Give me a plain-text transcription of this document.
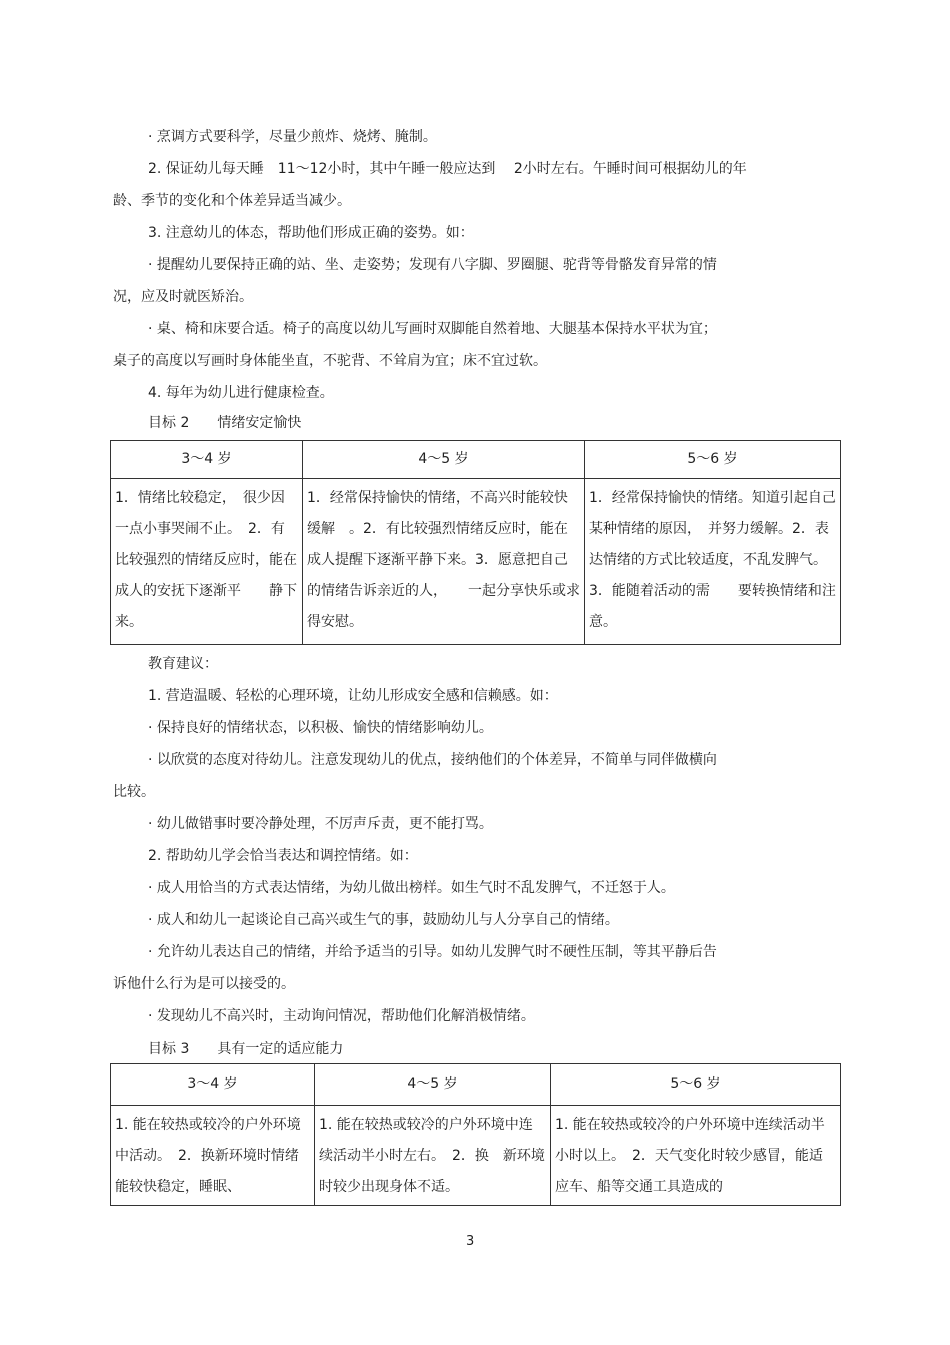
· 烹调方式要科学，尽量少煎炸、烧烤、腌制。
2. 保证幼儿每天睡　11～12小时，其中午睡一般应达到　 2小时左右。午睡时间可根据幼儿的年
龄、季节的变化和个体差异适当减少。
3. 注意幼儿的体态，帮助他们形成正确的姿势。如：
· 提醒幼儿要保持正确的站、坐、走姿势；发现有八字脚、罗圈腿、驼背等骨骼发育异常的情
况，应及时就医矫治。
· 桌、椅和床要合适。椅子的高度以幼儿写画时双脚能自然着地、大腿基本保持水平状为宜；
桌子的高度以写画时身体能坐直，不驼背、不耸肩为宜；床不宜过软。
4. 每年为幼儿进行健康检查。
目标 2　　情绪安定愉快
3～4 岁	4～5 岁	5～6 岁

1．情绪比较稳定，　很少因一点小事哭闹不止。　2．有比较强烈的情绪反应时，能在成人的安抚下逐渐平　　静下来。	1．经常保持愉快的情绪，不高兴时能较快缓解　。2．有比较强烈情绪反应时，能在成人提醒下逐渐平静下来。3．愿意把自己的情绪告诉亲近的人，　　一起分享快乐或求得安慰。	1．经常保持愉快的情绪。知道引起自己某种情绪的原因，　并努力缓解。2．表达情绪的方式比较适度，不乱发脾气。　3．能随着活动的需　　要转换情绪和注意。
教育建议：
1. 营造温暖、轻松的心理环境，让幼儿形成安全感和信赖感。如：
· 保持良好的情绪状态，以积极、愉快的情绪影响幼儿。
· 以欣赏的态度对待幼儿。注意发现幼儿的优点，接纳他们的个体差异，不简单与同伴做横向
比较。
· 幼儿做错事时要冷静处理，不厉声斥责，更不能打骂。
2. 帮助幼儿学会恰当表达和调控情绪。如：
· 成人用恰当的方式表达情绪，为幼儿做出榜样。如生气时不乱发脾气，不迁怒于人。
· 成人和幼儿一起谈论自己高兴或生气的事，鼓励幼儿与人分享自己的情绪。
· 允许幼儿表达自己的情绪，并给予适当的引导。如幼儿发脾气时不硬性压制，等其平静后告
诉他什么行为是可以接受的。
· 发现幼儿不高兴时，主动询问情况，帮助他们化解消极情绪。
目标 3　　具有一定的适应能力
3～4 岁	4～5 岁	5～6 岁

1. 能在较热或较冷的户外环境中活动。　2．换新环境时情绪能较快稳定，睡眠、	1. 能在较热或较冷的户外环境中连续活动半小时左右。　2．换　新环境时较少出现身体不适。	1. 能在较热或较冷的户外环境中连续活动半小时以上。　2．天气变化时较少感冒，能适应车、船等交通工具造成的
3
